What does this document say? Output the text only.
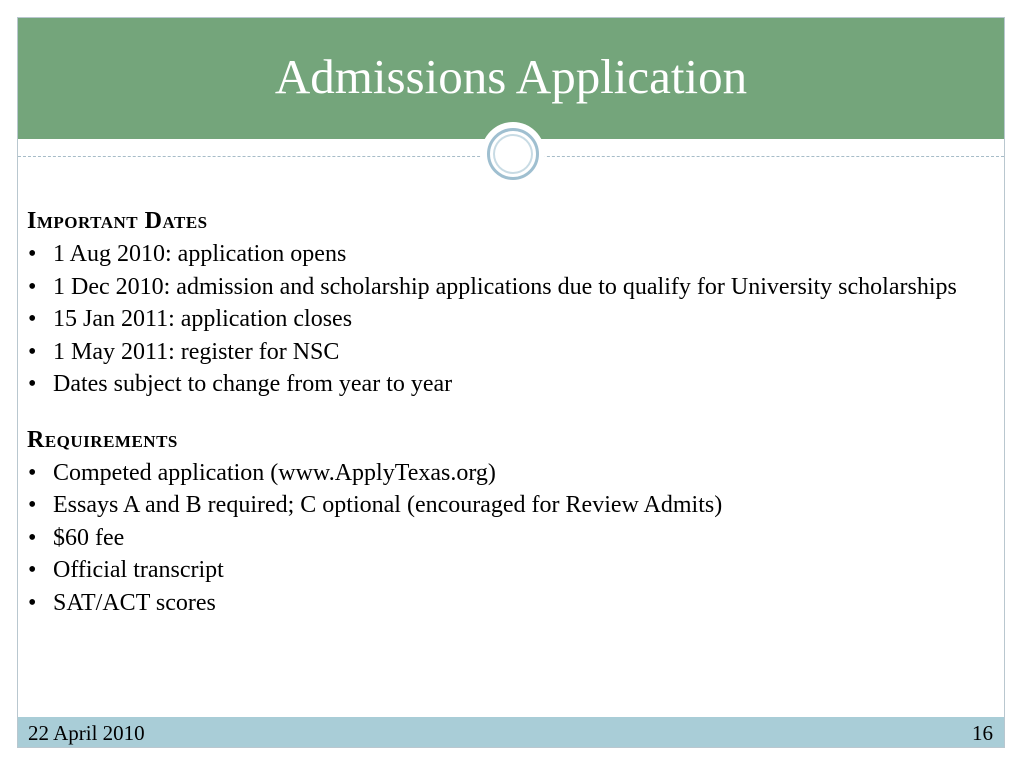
Admissions Application
Important Dates
• 1 Aug 2010: application opens
• 1 Dec 2010: admission and scholarship applications due to qualify for University scholarships
• 15 Jan 2011: application closes
• 1 May 2011: register for NSC
• Dates subject to change from year to year
Requirements
• Competed application (www.ApplyTexas.org)
• Essays A and B required; C optional (encouraged for Review Admits)
• $60 fee
• Official transcript
• SAT/ACT scores
22 April 2010	16
